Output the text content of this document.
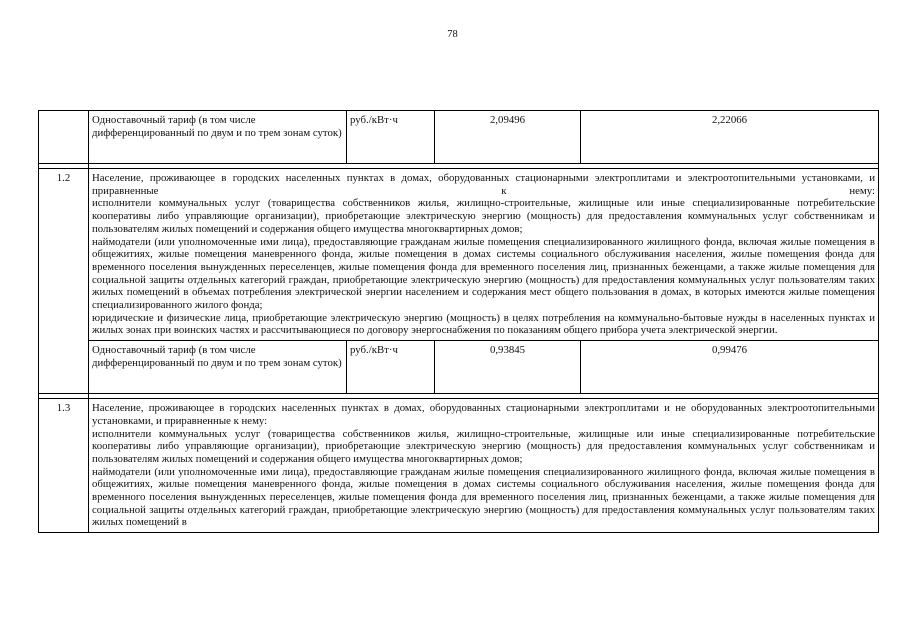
78
	Одноставочный тариф (в том числе дифференцированный по двум и по трем зонам суток)	руб./кВт·ч	2,09496	2,22066

1.2	Население, проживающее в городских населенных пунктах в домах, оборудованных стационарными электроплитами и электроотопительными установками, и приравненные к нему:
исполнители коммунальных услуг (товарищества собственников жилья, жилищно-строительные, жилищные или иные специализированные потребительские кооперативы либо управляющие организации), приобретающие электрическую энергию (мощность) для предоставления коммунальных услуг собственникам и пользователям жилых помещений и содержания общего имущества многоквартирных домов;
наймодатели (или уполномоченные ими лица), предоставляющие гражданам жилые помещения специализированного жилищного фонда, включая жилые помещения в общежитиях, жилые помещения маневренного фонда, жилые помещения в домах системы социального обслуживания населения, жилые помещения фонда для временного поселения вынужденных переселенцев, жилые помещения фонда для временного поселения лиц, признанных беженцами, а также жилые помещения для социальной защиты отдельных категорий граждан, приобретающие электрическую энергию (мощность) для предоставления коммунальных услуг пользователям таких жилых помещений в объемах потребления электрической энергии населением и содержания мест общего пользования в домах, в которых имеются жилые помещения специализированного жилого фонда;
юридические и физические лица, приобретающие электрическую энергию (мощность) в целях потребления на коммунально-бытовые нужды в населенных пунктах и жилых зонах при воинских частях и рассчитывающиеся по договору энергоснабжения по показаниям общего прибора учета электрической энергии.			

	Одноставочный тариф (в том числе дифференцированный по двум и по трем зонам суток)	руб./кВт·ч	0,93845	0,99476

1.3	Население, проживающее в городских населенных пунктах в домах, оборудованных стационарными электроплитами и не оборудованных электроотопительными установками, и приравненные к нему:
исполнители коммунальных услуг (товарищества собственников жилья, жилищно-строительные, жилищные или иные специализированные потребительские кооперативы либо управляющие организации), приобретающие электрическую энергию (мощность) для предоставления коммунальных услуг собственникам и пользователям жилых помещений и содержания общего имущества многоквартирных домов;
наймодатели (или уполномоченные ими лица), предоставляющие гражданам жилые помещения специализированного жилищного фонда, включая жилые помещения в общежитиях, жилые помещения маневренного фонда, жилые помещения в домах системы социального обслуживания населения, жилые помещения фонда для временного поселения вынужденных переселенцев, жилые помещения фонда для временного поселения лиц, признанных беженцами, а также жилые помещения для социальной защиты отдельных категорий граждан, приобретающие электрическую энергию (мощность) для предоставления коммунальных услуг пользователям таких жилых помещений в			
